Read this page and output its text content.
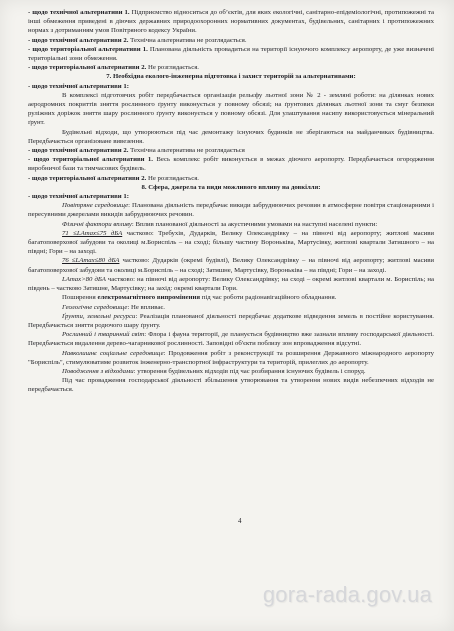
- щодо технічної альтернативи 1. Підприємство відноситься до об’єктів, для яких екологічні, санітарно-епідеміологічні, протипожежні та інші обмеження приведені в діючих державних природоохоронних нормативних документах, будівельних, санітарних і протипожежних нормах з дотриманням умов Повітряного кодексу України.

- щодо технічної альтернативи 2. Технічна альтернатива не розглядається.

- щодо територіальної альтернативи 1. Планована діяльність провадиться на території існуючого комплексу аеропорту, де уже визначені територіальні зони обмеження.

- щодо територіальної альтернативи 2. Не розглядається.

7. Необхідна еколого-інженерна підготовка і захист територій за альтернативами:

- щодо технічної альтернативи 1:

В комплексі підготовчих робіт передбачається організація рельєфу льотної зони № 2 - земляні роботи: на ділянках нових аеродромних покриттів зняття рослинного ґрунту виконується у повному обсязі; на ґрунтових ділянках льотної зони та смуг безпеки руліжних доріжок зняття шару рослинного ґрунту виконується у повному обсязі. Для улаштування насипу використовується мінеральний ґрунт.

Будівельні відходи, що утворюються під час демонтажу існуючих будинків не зберігаються на майданчиках будівництва. Передбачається організоване вивезення.

- щодо технічної альтернативи 2. Технічна альтернатива не розглядається

- щодо територіальної альтернативи 1. Весь комплекс робіт виконується в межах діючого аеропорту. Передбачається огородження виробничої бази та тимчасових будівель.

- щодо територіальної альтернативи 2. Не розглядається.

8. Сфера, джерела та види можливого впливу на довкілля:

- щодо технічної альтернативи 1:

Повітряне середовище: Планована діяльність передбачає викиди забруднюючих речовин в атмосферне повітря стаціонарними і пересувними джерелами викидів забруднюючих речовин.

Фізичні фактори впливу: Вплив планованої діяльності за акустичними умовами на наступні населені пункти:

71 ≤LAmax≤75 дБА частково: Требухів, Дударків, Велику Олександрівку – на півночі від аеропорту; житлові масиви багатоповерхової забудови та околиці м.Бориспіль – на сході; більшу частину Вороньківа, Мартусівку, житлові квартали Затишного – на півдні; Гори – на заході.

76 ≤LAmax≤80 дБА частково: Дударків (окремі будівлі), Велику Олександрівку – на півночі від аеропорту; житлові масиви багатоповерхової забудови та околиці м.Бориспіль – на сході; Затишне, Мартусівку, Вороньківа – на півдні; Гори – на заході.

LAmax>80 дБА частково: на півночі від аеропорту: Велику Олександрівку; на сході – окремі житлові квартали м. Бориспіль; на південь – частково Затишне, Мартусівку; на захід: окремі квартали Гори.

Поширення електромагнітного випромінення під час роботи радіонавігаційного обладнання.

Геологічне середовище: Не впливає.

Ґрунти, земельні ресурси: Реалізація планованої діяльності передбачає додаткове відведення земель в постійне користування. Передбачається зняття родючого шару ґрунту.

Рослинний і тваринний світ: Флора і фауна території, де планується будівництво вже зазнали впливу господарської діяльності. Передбачається видалення дерево-чагарникової рослинності. Заповідні об'єкти поблизу зон впровадження відсутні.

Навколишнє соціальне середовище: Продовження робіт з реконструкції та розширення Державного міжнародного аеропорту "Бориспіль", стимулюватиме розвиток інженерно-транспортної інфраструктури та територій, прилеглих до аеропорту.

Поводження з відходами: утворення будівельних відходів під час розбирання існуючих будівель і споруд.

Під час провадження господарської діяльності збільшення утворювання та утворення нових видів небезпечних відходів не передбачається.

4
gora-rada.gov.ua
